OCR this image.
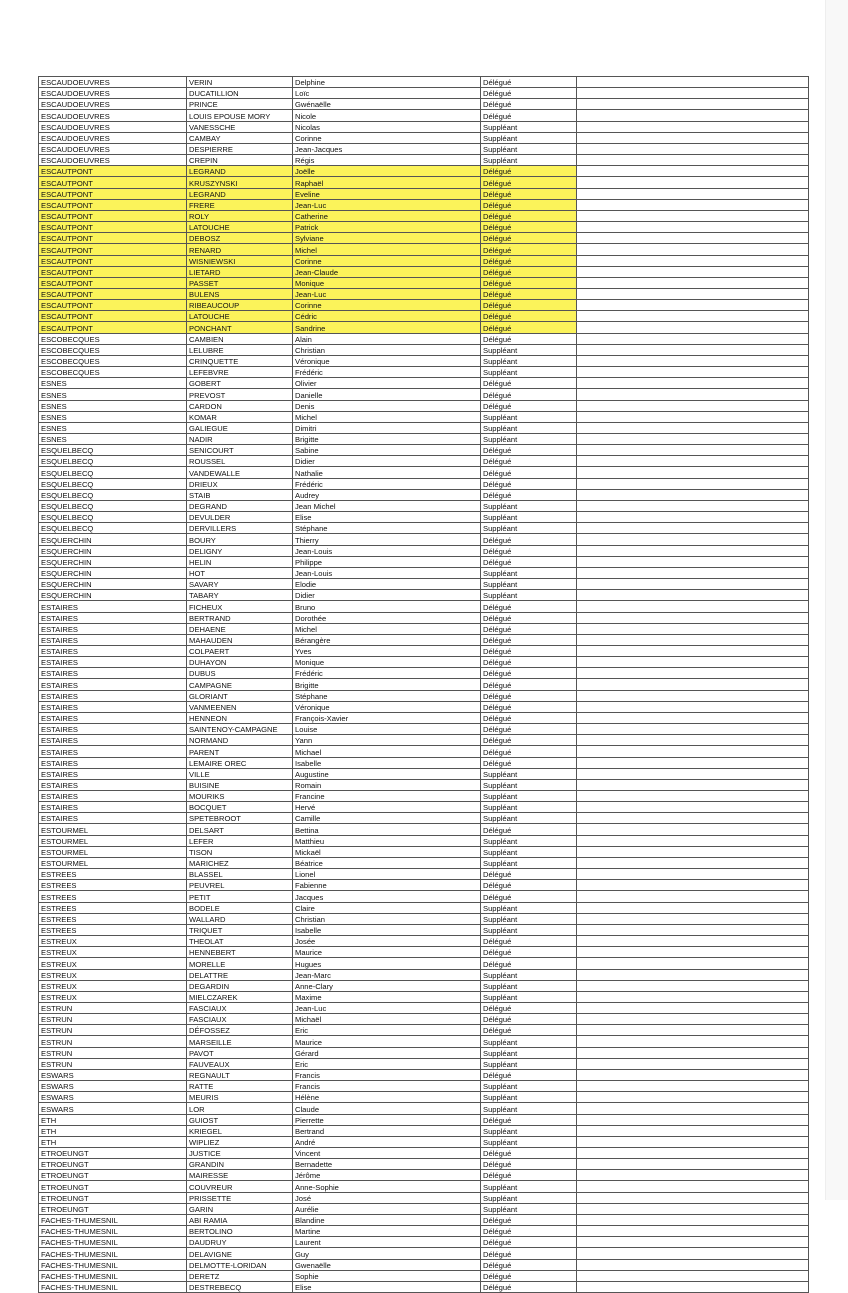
ESCAUDOEUVRES	VERIN	Delphine	Délégué	
ESCAUDOEUVRES	DUCATILLION	Loïc	Délégué	
ESCAUDOEUVRES	PRINCE	Gwénaëlle	Délégué	
ESCAUDOEUVRES	LOUIS EPOUSE MORY	Nicole	Délégué	
ESCAUDOEUVRES	VANESSCHE	Nicolas	Suppléant	
ESCAUDOEUVRES	CAMBAY	Corinne	Suppléant	
ESCAUDOEUVRES	DESPIERRE	Jean-Jacques	Suppléant	
ESCAUDOEUVRES	CREPIN	Régis	Suppléant	
ESCAUTPONT	LEGRAND	Joëlle	Délégué	
ESCAUTPONT	KRUSZYNSKI	Raphaël	Délégué	
ESCAUTPONT	LEGRAND	Eveline	Délégué	
ESCAUTPONT	FRERE	Jean-Luc	Délégué	
ESCAUTPONT	ROLY	Catherine	Délégué	
ESCAUTPONT	LATOUCHE	Patrick	Délégué	
ESCAUTPONT	DEBOSZ	Sylviane	Délégué	
ESCAUTPONT	RENARD	Michel	Délégué	
ESCAUTPONT	WISNIEWSKI	Corinne	Délégué	
ESCAUTPONT	LIETARD	Jean-Claude	Délégué	
ESCAUTPONT	PASSET	Monique	Délégué	
ESCAUTPONT	BULENS	Jean-Luc	Délégué	
ESCAUTPONT	RIBEAUCOUP	Corinne	Délégué	
ESCAUTPONT	LATOUCHE	Cédric	Délégué	
ESCAUTPONT	PONCHANT	Sandrine	Délégué	
ESCOBECQUES	CAMBIEN	Alain	Délégué	
ESCOBECQUES	LELUBRE	Christian	Suppléant	
ESCOBECQUES	CRINQUETTE	Véronique	Suppléant	
ESCOBECQUES	LEFEBVRE	Frédéric	Suppléant	
ESNES	GOBERT	Olivier	Délégué	
ESNES	PREVOST	Danielle	Délégué	
ESNES	CARDON	Denis	Délégué	
ESNES	KOMAR	Michel	Suppléant	
ESNES	GALIEGUE	Dimitri	Suppléant	
ESNES	NADIR	Brigitte	Suppléant	
ESQUELBECQ	SENICOURT	Sabine	Délégué	
ESQUELBECQ	ROUSSEL	Didier	Délégué	
ESQUELBECQ	VANDEWALLE	Nathalie	Délégué	
ESQUELBECQ	DRIEUX	Frédéric	Délégué	
ESQUELBECQ	STAIB	Audrey	Délégué	
ESQUELBECQ	DEGRAND	Jean Michel	Suppléant	
ESQUELBECQ	DEVULDER	Elise	Suppléant	
ESQUELBECQ	DERVILLERS	Stéphane	Suppléant	
ESQUERCHIN	BOURY	Thierry	Délégué	
ESQUERCHIN	DELIGNY	Jean-Louis	Délégué	
ESQUERCHIN	HELIN	Philippe	Délégué	
ESQUERCHIN	HOT	Jean-Louis	Suppléant	
ESQUERCHIN	SAVARY	Elodie	Suppléant	
ESQUERCHIN	TABARY	Didier	Suppléant	
ESTAIRES	FICHEUX	Bruno	Délégué	
ESTAIRES	BERTRAND	Dorothée	Délégué	
ESTAIRES	DEHAENE	Michel	Délégué	
ESTAIRES	MAHAUDEN	Bérangère	Délégué	
ESTAIRES	COLPAERT	Yves	Délégué	
ESTAIRES	DUHAYON	Monique	Délégué	
ESTAIRES	DUBUS	Frédéric	Délégué	
ESTAIRES	CAMPAGNE	Brigitte	Délégué	
ESTAIRES	GLORIANT	Stéphane	Délégué	
ESTAIRES	VANMEENEN	Véronique	Délégué	
ESTAIRES	HENNEON	François-Xavier	Délégué	
ESTAIRES	SAINTENOY-CAMPAGNE	Louise	Délégué	
ESTAIRES	NORMAND	Yann	Délégué	
ESTAIRES	PARENT	Michael	Délégué	
ESTAIRES	LEMAIRE OREC	Isabelle	Délégué	
ESTAIRES	VILLE	Augustine	Suppléant	
ESTAIRES	BUISINE	Romain	Suppléant	
ESTAIRES	MOURIKS	Francine	Suppléant	
ESTAIRES	BOCQUET	Hervé	Suppléant	
ESTAIRES	SPETEBROOT	Camille	Suppléant	
ESTOURMEL	DELSART	Bettina	Délégué	
ESTOURMEL	LEFER	Matthieu	Suppléant	
ESTOURMEL	TISON	Mickaël	Suppléant	
ESTOURMEL	MARICHEZ	Béatrice	Suppléant	
ESTREES	BLASSEL	Lionel	Délégué	
ESTREES	PEUVREL	Fabienne	Délégué	
ESTREES	PETIT	Jacques	Délégué	
ESTREES	BODELE	Claire	Suppléant	
ESTREES	WALLARD	Christian	Suppléant	
ESTREES	TRIQUET	Isabelle	Suppléant	
ESTREUX	THEOLAT	Josée	Délégué	
ESTREUX	HENNEBERT	Maurice	Délégué	
ESTREUX	MORELLE	Hugues	Délégué	
ESTREUX	DELATTRE	Jean-Marc	Suppléant	
ESTREUX	DEGARDIN	Anne-Clary	Suppléant	
ESTREUX	MIELCZAREK	Maxime	Suppléant	
ESTRUN	FASCIAUX	Jean-Luc	Délégué	
ESTRUN	FASCIAUX	Michaël	Délégué	
ESTRUN	DÉFOSSEZ	Eric	Délégué	
ESTRUN	MARSEILLE	Maurice	Suppléant	
ESTRUN	PAVOT	Gérard	Suppléant	
ESTRUN	FAUVEAUX	Eric	Suppléant	
ESWARS	REGNAULT	Francis	Délégué	
ESWARS	RATTE	Francis	Suppléant	
ESWARS	MEURIS	Hélène	Suppléant	
ESWARS	LOR	Claude	Suppléant	
ETH	GUIOST	Pierrette	Délégué	
ETH	KRIEGEL	Bertrand	Suppléant	
ETH	WIPLIEZ	André	Suppléant	
ETROEUNGT	JUSTICE	Vincent	Délégué	
ETROEUNGT	GRANDIN	Bernadette	Délégué	
ETROEUNGT	MAIRESSE	Jérôme	Délégué	
ETROEUNGT	COUVREUR	Anne-Sophie	Suppléant	
ETROEUNGT	PRISSETTE	José	Suppléant	
ETROEUNGT	GARIN	Aurélie	Suppléant	
FACHES-THUMESNIL	ABI RAMIA	Blandine	Délégué	
FACHES-THUMESNIL	BERTOLINO	Martine	Délégué	
FACHES-THUMESNIL	DAUDRUY	Laurent	Délégué	
FACHES-THUMESNIL	DELAVIGNE	Guy	Délégué	
FACHES-THUMESNIL	DELMOTTE-LORIDAN	Gwenaëlle	Délégué	
FACHES-THUMESNIL	DERETZ	Sophie	Délégué	
FACHES-THUMESNIL	DESTREBECQ	Elise	Délégué	
